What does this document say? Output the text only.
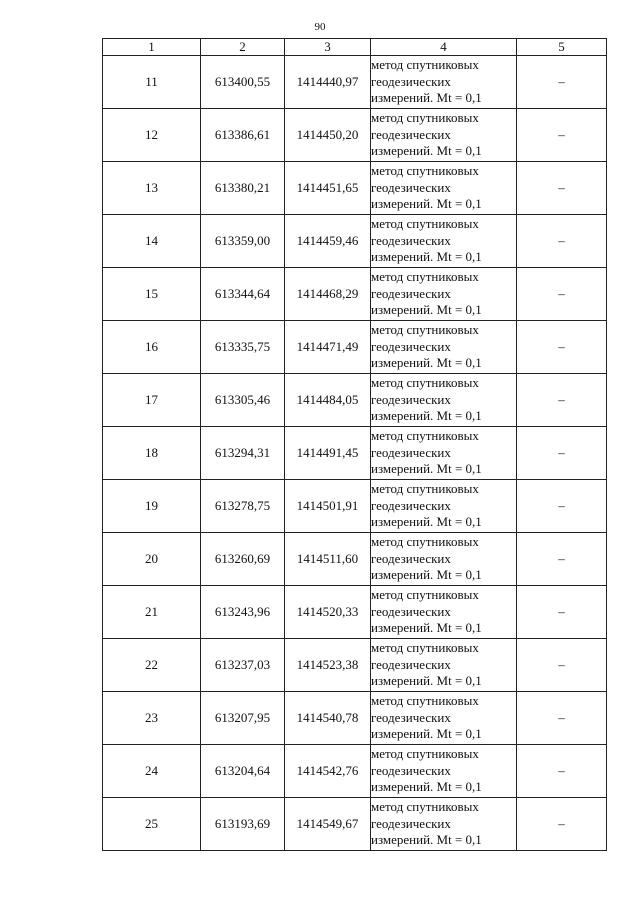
90
1	2	3	4	5
11	613400,55	1414440,97	метод спутниковых
геодезических
измерений. Mt = 0,1	–
12	613386,61	1414450,20	метод спутниковых
геодезических
измерений. Mt = 0,1	–
13	613380,21	1414451,65	метод спутниковых
геодезических
измерений. Mt = 0,1	–
14	613359,00	1414459,46	метод спутниковых
геодезических
измерений. Mt = 0,1	–
15	613344,64	1414468,29	метод спутниковых
геодезических
измерений. Mt = 0,1	–
16	613335,75	1414471,49	метод спутниковых
геодезических
измерений. Mt = 0,1	–
17	613305,46	1414484,05	метод спутниковых
геодезических
измерений. Mt = 0,1	–
18	613294,31	1414491,45	метод спутниковых
геодезических
измерений. Mt = 0,1	–
19	613278,75	1414501,91	метод спутниковых
геодезических
измерений. Mt = 0,1	–
20	613260,69	1414511,60	метод спутниковых
геодезических
измерений. Mt = 0,1	–
21	613243,96	1414520,33	метод спутниковых
геодезических
измерений. Mt = 0,1	–
22	613237,03	1414523,38	метод спутниковых
геодезических
измерений. Mt = 0,1	–
23	613207,95	1414540,78	метод спутниковых
геодезических
измерений. Mt = 0,1	–
24	613204,64	1414542,76	метод спутниковых
геодезических
измерений. Mt = 0,1	–
25	613193,69	1414549,67	метод спутниковых
геодезических
измерений. Mt = 0,1	–
